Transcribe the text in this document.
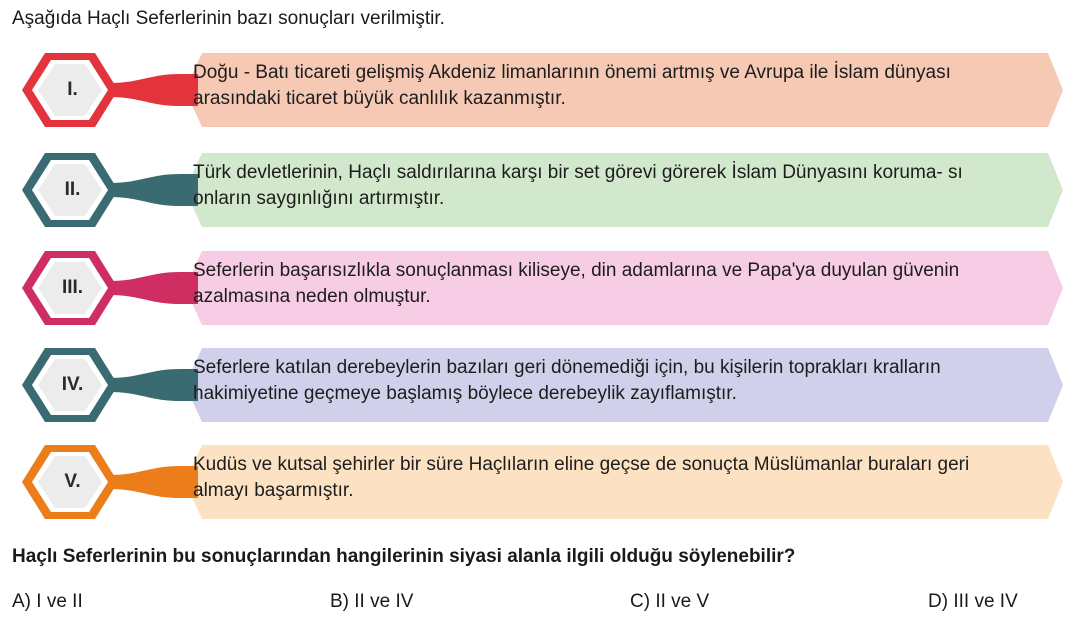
Aşağıda Haçlı Seferlerinin bazı sonuçları verilmiştir.
I.
Doğu - Batı ticareti gelişmiş Akdeniz limanlarının önemi artmış ve Avrupa ile İslam dünyası arasındaki ticaret büyük canlılık kazanmıştır.
II.
Türk devletlerinin, Haçlı saldırılarına karşı bir set görevi görerek İslam Dünyasını koruma- sı onların saygınlığını artırmıştır.
III.
Seferlerin başarısızlıkla sonuçlanması kiliseye, din adamlarına ve Papa'ya duyulan güvenin azalmasına neden olmuştur.
IV.
Seferlere katılan derebeylerin bazıları geri dönemediği için, bu kişilerin toprakları kralların hakimiyetine geçmeye başlamış böylece derebeylik zayıflamıştır.
V.
Kudüs ve kutsal şehirler bir süre Haçlıların eline geçse de sonuçta Müslümanlar buraları geri almayı başarmıştır.
Haçlı Seferlerinin bu sonuçlarından hangilerinin siyasi alanla ilgili olduğu söylenebilir?
A) I ve II	B) II ve IV	C) II ve V	D) III ve IV
